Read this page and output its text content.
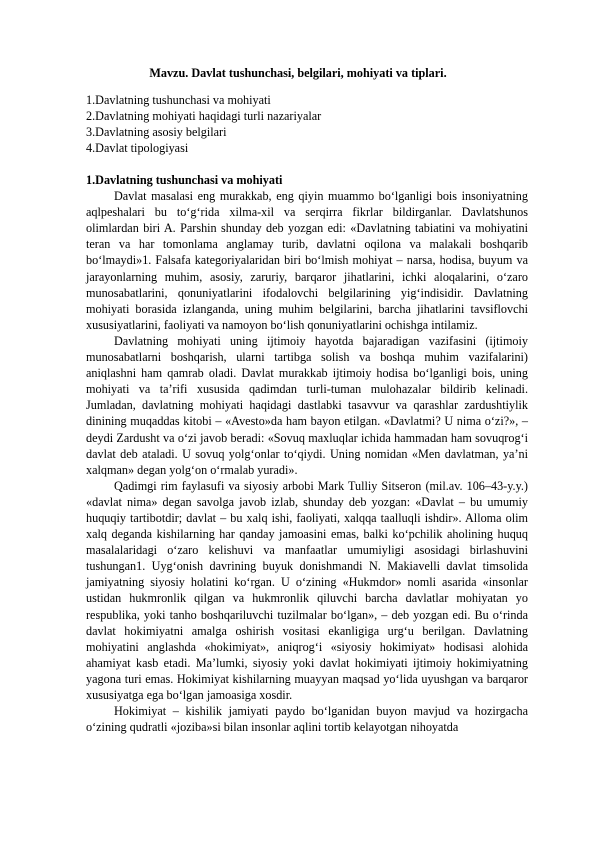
Mavzu. Davlat tushunchasi, belgilari, mohiyati va tiplari.
1.Davlatning tushunchasi va mohiyati
2.Davlatning mohiyati haqidagi turli nazariyalar
3.Davlatning asosiy belgilari
4.Davlat tipologiyasi

1.Davlatning tushunchasi va mohiyati

Davlat masalasi eng murakkab, eng qiyin muammo bo‘lganligi bois insoniyatning aqlpeshalari bu to‘g‘rida xilma-xil va serqirra fikrlar bildirganlar. Davlatshunos olimlardan biri A. Parshin shunday deb yozgan edi: «Davlatning tabiatini va mohiyatini teran va har tomonlama anglamay turib, davlatni oqilona va malakali boshqarib bo‘lmaydi»1. Falsafa kategoriyalaridan biri bo‘lmish mohiyat – narsa, hodisa, buyum va jarayonlarning muhim, asosiy, zaruriy, barqaror jihatlarini, ichki aloqalarini, o‘zaro munosabatlarini, qonuniyatlarini ifodalovchi belgilarining yig‘indisidir. Davlatning mohiyati borasida izlanganda, uning muhim belgilarini, barcha jihatlarini tavsiflovchi xususiyatlarini, faoliyati va namoyon bo‘lish qonuniyatlarini ochishga intilamiz.

Davlatning mohiyati uning ijtimoiy hayotda bajaradigan vazifasini (ijtimoiy munosabatlarni boshqarish, ularni tartibga solish va boshqa muhim vazifalarini) aniqlashni ham qamrab oladi. Davlat murakkab ijtimoiy hodisa bo‘lganligi bois, uning mohiyati va ta’rifi xususida qadimdan turli-tuman mulohazalar bildirib kelinadi. Jumladan, davlatning mohiyati haqidagi dastlabki tasavvur va qarashlar zardushtiylik dinining muqaddas kitobi – «Avesto»da ham bayon etilgan. «Davlatmi? U nima o‘zi?», – deydi Zardusht va o‘zi javob beradi: «Sovuq maxluqlar ichida hammadan ham sovuqrog‘i davlat deb ataladi. U sovuq yolg‘onlar to‘qiydi. Uning nomidan «Men davlatman, ya’ni xalqman» degan yolg‘on o‘rmalab yuradi».

Qadimgi rim faylasufi va siyosiy arbobi Mark Tulliy Sitseron (mil.av. 106–43-y.y.) «davlat nima» degan savolga javob izlab, shunday deb yozgan: «Davlat – bu umumiy huquqiy tartibotdir; davlat – bu xalq ishi, faoliyati, xalqqa taalluqli ishdir». Alloma olim xalq deganda kishilarning har qanday jamoasini emas, balki ko‘pchilik aholining huquq masalalaridagi o‘zaro kelishuvi va manfaatlar umumiyligi asosidagi birlashuvini tushungan1. Uyg‘onish davrining buyuk donishmandi N. Makiavelli davlat timsolida jamiyatning siyosiy holatini ko‘rgan. U o‘zining «Hukmdor» nomli asarida «insonlar ustidan hukmronlik qilgan va hukmronlik qiluvchi barcha davlatlar mohiyatan yo respublika, yoki tanho boshqariluvchi tuzilmalar bo‘lgan», – deb yozgan edi. Bu o‘rinda davlat hokimiyatni amalga oshirish vositasi ekanligiga urg‘u berilgan. Davlatning mohiyatini anglashda «hokimiyat», aniqrog‘i «siyosiy hokimiyat» hodisasi alohida ahamiyat kasb etadi. Ma’lumki, siyosiy yoki davlat hokimiyati ijtimoiy hokimiyatning yagona turi emas. Hokimiyat kishilarning muayyan maqsad yo‘lida uyushgan va barqaror xususiyatga ega bo‘lgan jamoasiga xosdir.

Hokimiyat – kishilik jamiyati paydo bo‘lganidan buyon mavjud va hozirgacha o‘zining qudratli «joziba»si bilan insonlar aqlini tortib kelayotgan nihoyatda
